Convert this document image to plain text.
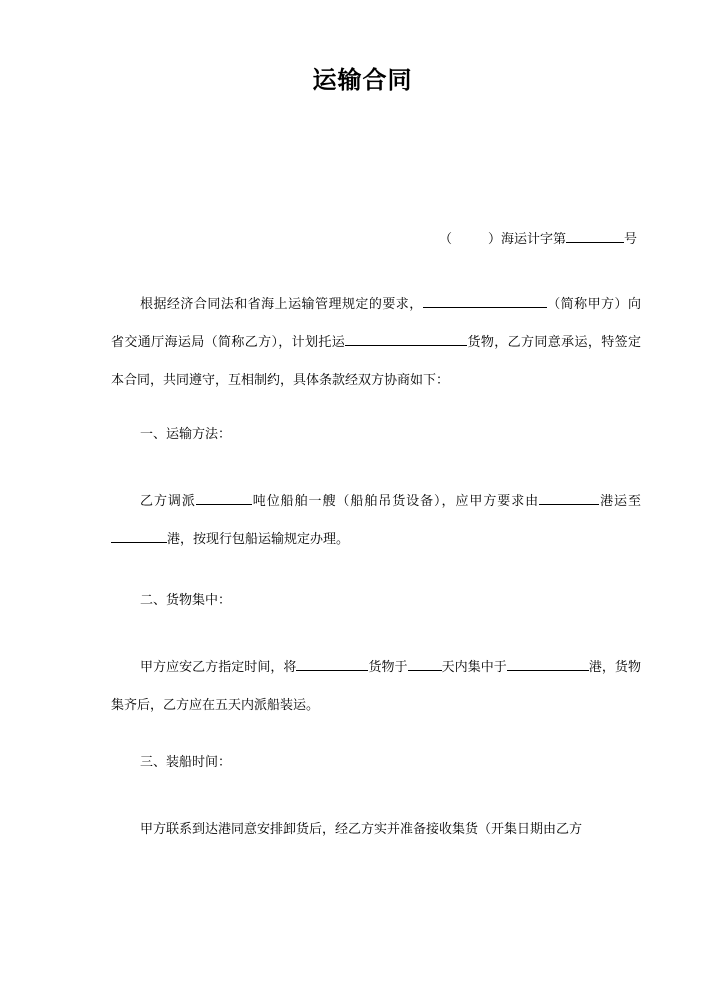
运输合同
（	）海运计字第	号
根据经济合同法和省海上运输管理规定的要求，	（简称甲方）向省交通厅海运局（简称乙方），计划托运	货物，乙方同意承运，特签定本合同，共同遵守，互相制约，具体条款经双方协商如下：
一、运输方法：
乙方调派	吨位船舶一艘（船舶吊货设备），应甲方要求由	港运至港，按现行包船运输规定办理。
二、货物集中：
甲方应安乙方指定时间，将	货物于	天内集中于	港，货物集齐后，乙方应在五天内派船装运。
三、装船时间：
甲方联系到达港同意安排卸货后，经乙方实并准备接收集货（开集日期由乙方
